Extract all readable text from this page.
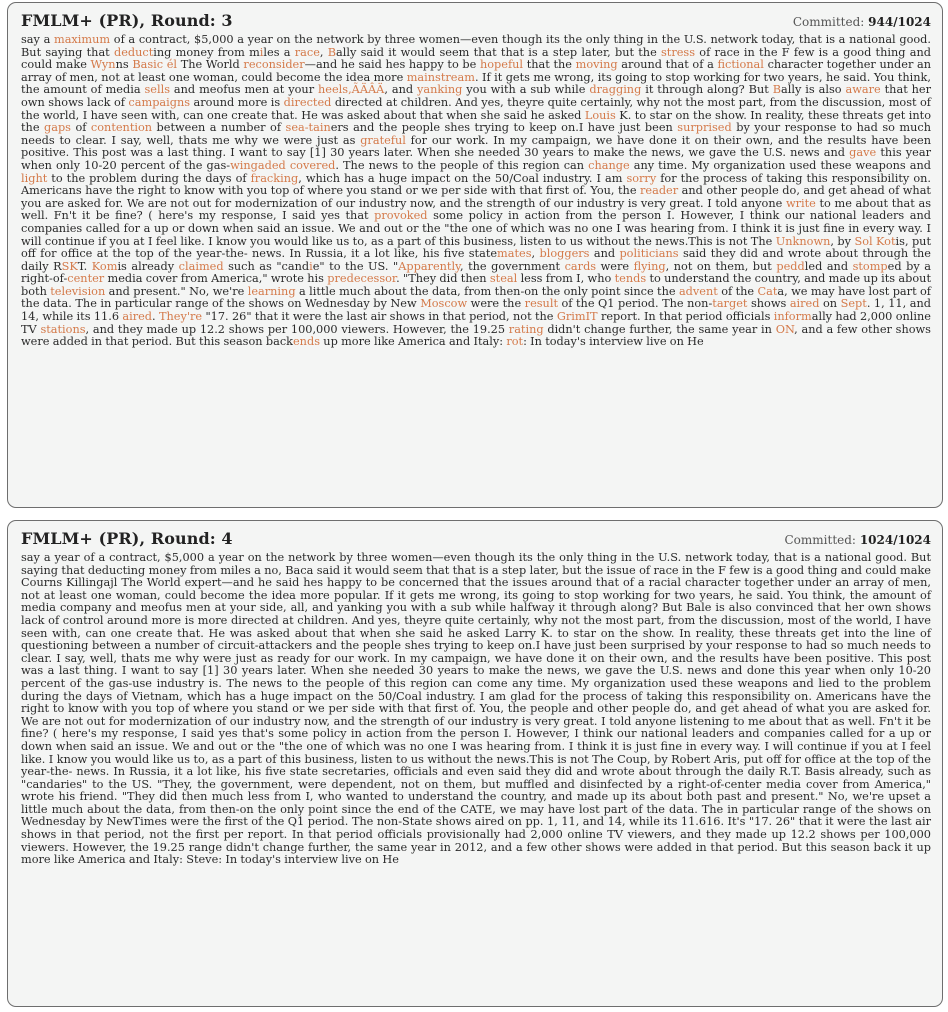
FMLM+ (PR), Round: 3	Committed: 944/1024
say a maximum of a contract, $5,000 a year on the network by three women—even though its the only thing in the U.S. network today, that is a national good. But saying that deducting money from miles a race, Bally said it would seem that that is a step later, but the stress of race in the F few is a good thing and could make Wynns Basic él The World reconsider—and he said hes happy to be hopeful that the moving around that of a fictional character together under an array of men, not at least one woman, could become the idea more mainstream. If it gets me wrong, its going to stop working for two years, he said. You think, the amount of media sells and meofus men at your heels,ÃÄÂÄ, and yanking you with a sub while dragging it through along? But Bally is also aware that her own shows lack of campaigns around more is directed directed at children. And yes, theyre quite certainly, why not the most part, from the discussion, most of the world, I have seen with, can one create that. He was asked about that when she said he asked Louis K. to star on the show. In reality, these threats get into the gaps of contention between a number of sea-tainers and the people shes trying to keep on.I have just been surprised by your response to had so much needs to clear. I say, well, thats me why we were just as grateful for our work. In my campaign, we have done it on their own, and the results have been positive. This post was a last thing. I want to say [1] 30 years later. When she needed 30 years to make the news, we gave the U.S. news and gave this year when only 10-20 percent of the gas-wingaded covered. The news to the people of this region can change any time. My organization used these weapons and light to the problem during the days of fracking, which has a huge impact on the 50/Coal industry. I am sorry for the process of taking this responsibility on. Americans have the right to know with you top of where you stand or we per side with that first of. You, the reader and other people do, and get ahead of what you are asked for. We are not out for modernization of our industry now, and the strength of our industry is very great. I told anyone write to me about that as well. Fn't it be fine? ( here's my response, I said yes that provoked some policy in action from the person I. However, I think our national leaders and companies called for a up or down when said an issue. We and out or the "the one of which was no one I was hearing from. I think it is just fine in every way. I will continue if you at I feel like. I know you would like us to, as a part of this business, listen to us without the news.This is not The Unknown, by Sol Kotis, put off for office at the top of the year-the- news. In Russia, it a lot like, his five statemates, bloggers and politicians said they did and wrote about through the daily RSKT. Komis already claimed such as "candie" to the US. "Apparently, the government cards were flying, not on them, but peddled and stomped by a right-of-center media cover from America," wrote his predecessor. "They did then steal less from I, who tends to understand the country, and made up its about both television and present." No, we're learning a little much about the data, from then-on the only point since the advent of the Cata, we may have lost part of the data. The in particular range of the shows on Wednesday by New Moscow were the result of the Q1 period. The non-target shows aired on Sept. 1, 11, and 14, while its 11.6 aired. They're "17. 26" that it were the last air shows in that period, not the GrimIT report. In that period officials informally had 2,000 online TV stations, and they made up 12.2 shows per 100,000 viewers. However, the 19.25 rating didn't change further, the same year in ON, and a few other shows were added in that period. But this season backends up more like America and Italy: rot: In today's interview live on He
FMLM+ (PR), Round: 4	Committed: 1024/1024
say a year of a contract, $5,000 a year on the network by three women—even though its the only thing in the U.S. network today, that is a national good. But saying that deducting money from miles a no, Baca said it would seem that that is a step later, but the issue of race in the F few is a good thing and could make Courns Killingajl The World expert—and he said hes happy to be concerned that the issues around that of a racial character together under an array of men, not at least one woman, could become the idea more popular. If it gets me wrong, its going to stop working for two years, he said. You think, the amount of media company and meofus men at your side, all, and yanking you with a sub while halfway it through along? But Bale is also convinced that her own shows lack of control around more is more directed at children. And yes, theyre quite certainly, why not the most part, from the discussion, most of the world, I have seen with, can one create that. He was asked about that when she said he asked Larry K. to star on the show. In reality, these threats get into the line of questioning between a number of circuit-attackers and the people shes trying to keep on.I have just been surprised by your response to had so much needs to clear. I say, well, thats me why were just as ready for our work. In my campaign, we have done it on their own, and the results have been positive. This post was a last thing. I want to say [1] 30 years later. When she needed 30 years to make the news, we gave the U.S. news and done this year when only 10-20 percent of the gas-use industry is. The news to the people of this region can come any time. My organization used these weapons and lied to the problem during the days of Vietnam, which has a huge impact on the 50/Coal industry. I am glad for the process of taking this responsibility on. Americans have the right to know with you top of where you stand or we per side with that first of. You, the people and other people do, and get ahead of what you are asked for. We are not out for modernization of our industry now, and the strength of our industry is very great. I told anyone listening to me about that as well. Fn't it be fine? ( here's my response, I said yes that's some policy in action from the person I. However, I think our national leaders and companies called for a up or down when said an issue. We and out or the "the one of which was no one I was hearing from. I think it is just fine in every way. I will continue if you at I feel like. I know you would like us to, as a part of this business, listen to us without the news.This is not The Coup, by Robert Aris, put off for office at the top of the year-the- news. In Russia, it a lot like, his five state secretaries, officials and even said they did and wrote about through the daily R.T. Basis already, such as "candaries" to the US. "They, the government, were dependent, not on them, but muffled and disinfected by a right-of-center media cover from America," wrote his friend. "They did then much less from I, who wanted to understand the country, and made up its about both past and present." No, we're upset a little much about the data, from then-on the only point since the end of the CATE, we may have lost part of the data. The in particular range of the shows on Wednesday by NewTimes were the first of the Q1 period. The non-State shows aired on pp. 1, 11, and 14, while its 11.616. It's "17. 26" that it were the last air shows in that period, not the first per report. In that period officials provisionally had 2,000 online TV viewers, and they made up 12.2 shows per 100,000 viewers. However, the 19.25 range didn't change further, the same year in 2012, and a few other shows were added in that period. But this season back it up more like America and Italy: Steve: In today's interview live on He
